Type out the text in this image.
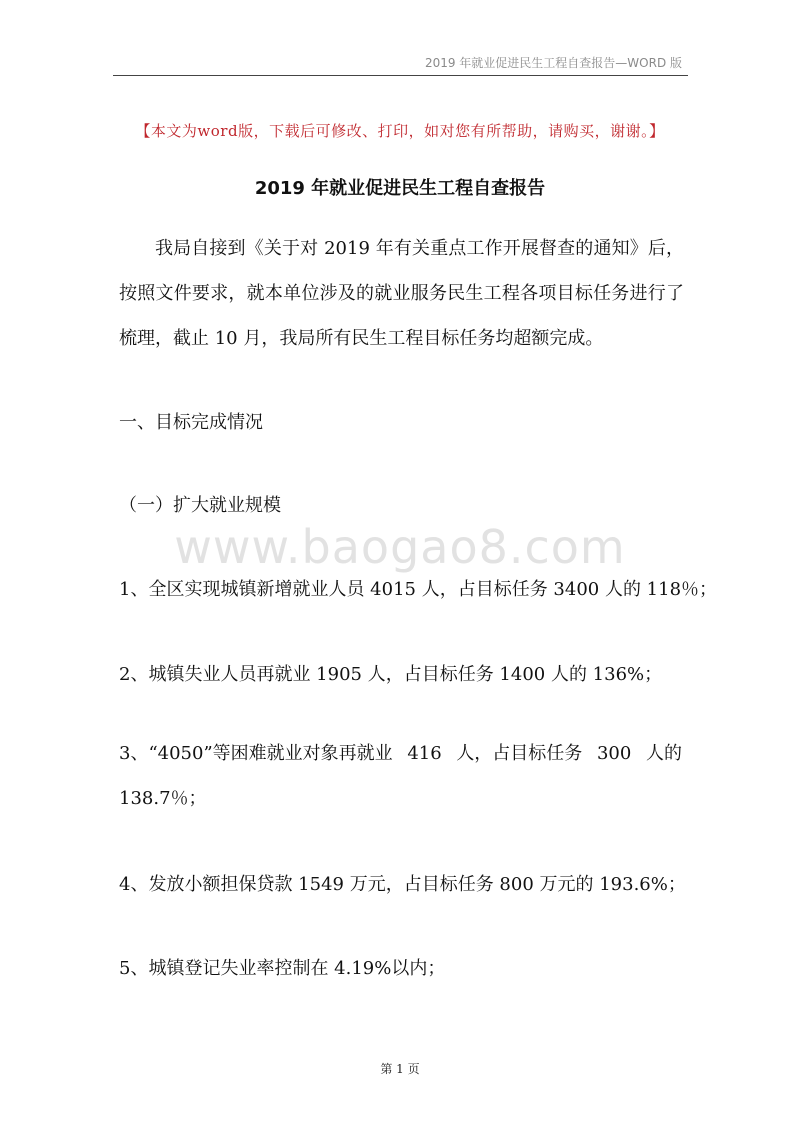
2019 年就业促进民生工程自查报告—WORD 版
【本文为word版，下载后可修改、打印，如对您有所帮助，请购买，谢谢。】
2019 年就业促进民生工程自查报告
我局自接到《关于对 2019 年有关重点工作开展督查的通知》后，按照文件要求，就本单位涉及的就业服务民生工程各项目标任务进行了梳理，截止 10 月，我局所有民生工程目标任务均超额完成。
一、目标完成情况
（一）扩大就业规模
www.baogao8.com
1、全区实现城镇新增就业人员 4015 人，占目标任务 3400 人的 118％；
2、城镇失业人员再就业 1905 人，占目标任务 1400 人的 136%；
3、“4050”等困难就业对象再就业 416 人，占目标任务 300 人的
138.7％；
4、发放小额担保贷款 1549 万元，占目标任务 800 万元的 193.6%；
5、城镇登记失业率控制在 4.19%以内；
第 1 页
